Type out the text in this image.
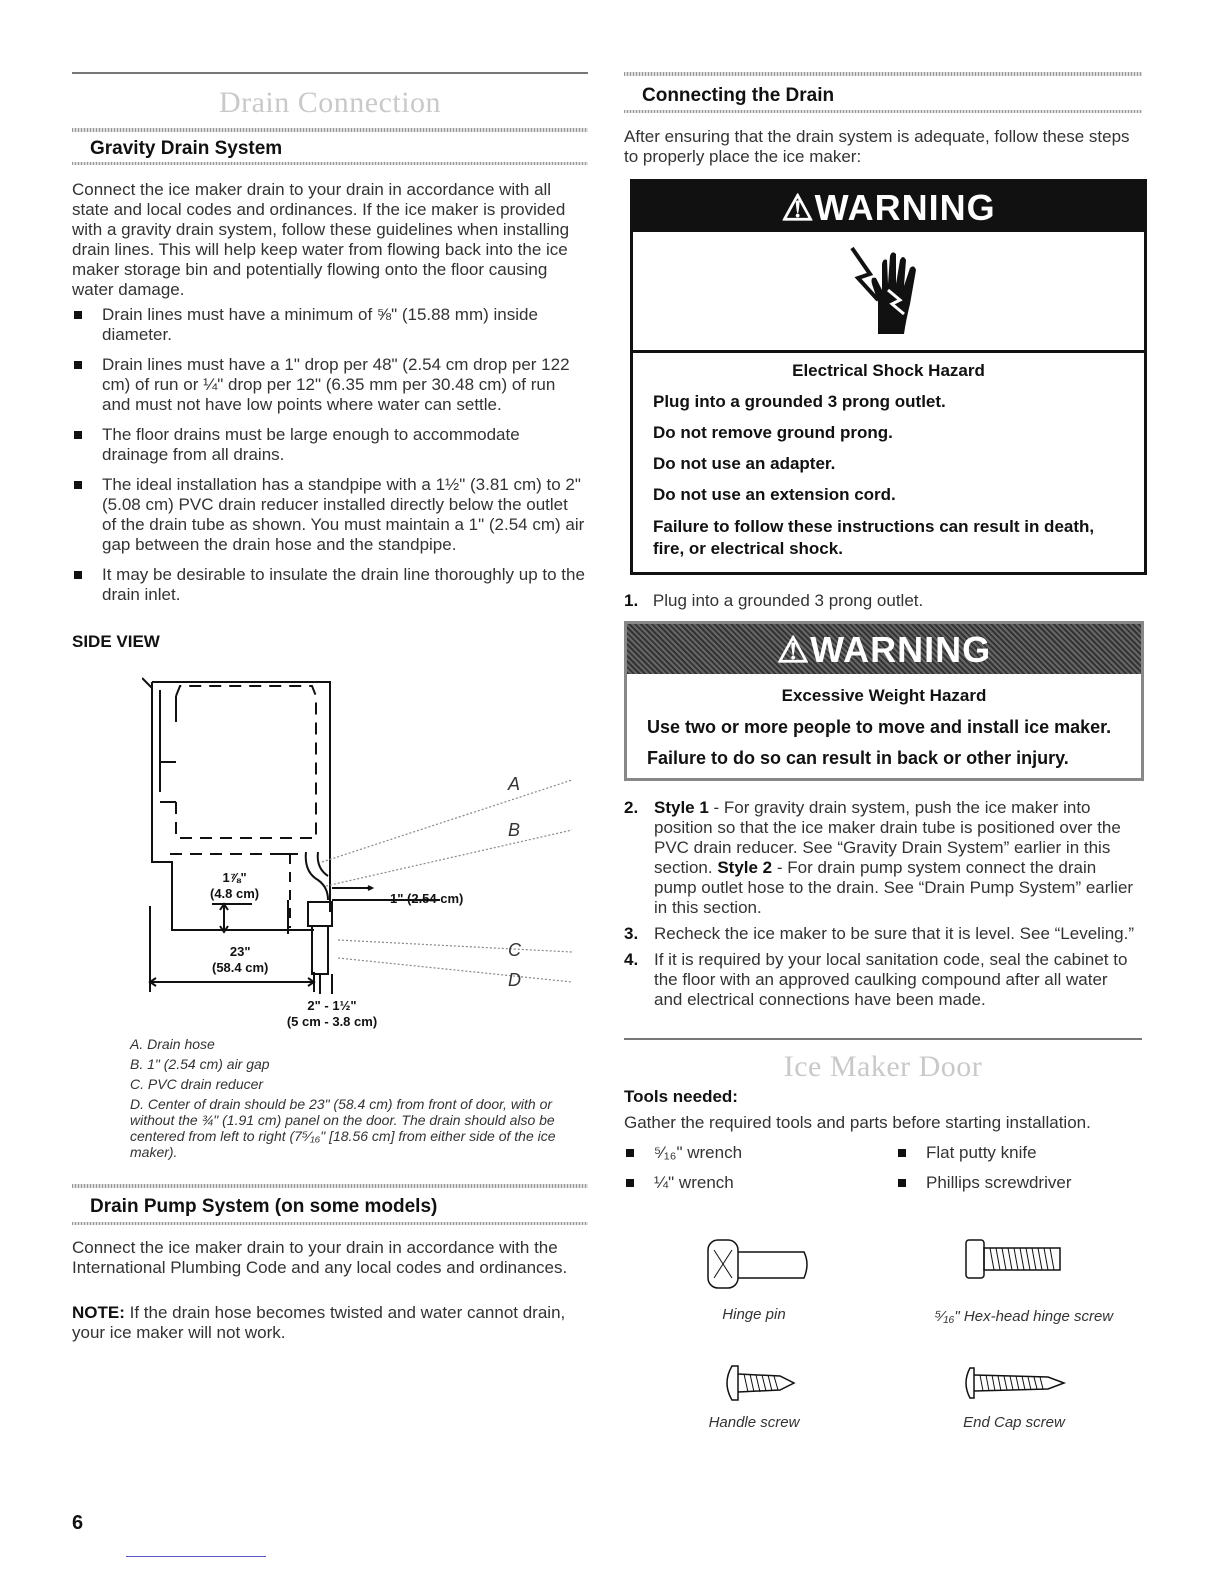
Drain Connection
Gravity Drain System
Connect the ice maker drain to your drain in accordance with all state and local codes and ordinances. If the ice maker is provided with a gravity drain system, follow these guidelines when installing drain lines. This will help keep water from flowing back into the ice maker storage bin and potentially flowing onto the floor causing water damage.
Drain lines must have a minimum of ⅝" (15.88 mm) inside diameter.
Drain lines must have a 1" drop per 48" (2.54 cm drop per 122 cm) of run or ¼" drop per 12" (6.35 mm per 30.48 cm) of run and must not have low points where water can settle.
The floor drains must be large enough to accommodate drainage from all drains.
The ideal installation has a standpipe with a 1½" (3.81 cm) to 2" (5.08 cm) PVC drain reducer installed directly below the outlet of the drain tube as shown. You must maintain a 1" (2.54 cm) air gap between the drain hose and the standpipe.
It may be desirable to insulate the drain line thoroughly up to the drain inlet.
SIDE VIEW
A
B
C
D
1⅞"
(4.8 cm)	1" (2.54 cm)
23"
(58.4 cm)
2" - 1½"
(5 cm - 3.8 cm)
A. Drain hose
B. 1" (2.54 cm) air gap
C. PVC drain reducer
D. Center of drain should be 23" (58.4 cm) from front of door, with or without the ¾" (1.91 cm) panel on the door. The drain should also be centered from left to right (7⁵⁄₁₆" [18.56 cm] from either side of the ice maker).
Drain Pump System (on some models)
Connect the ice maker drain to your drain in accordance with the International Plumbing Code and any local codes and ordinances.
NOTE: If the drain hose becomes twisted and water cannot drain, your ice maker will not work.
6
Connecting the Drain
After ensuring that the drain system is adequate, follow these steps to properly place the ice maker:
⚠WARNING
Electrical Shock Hazard
Plug into a grounded 3 prong outlet.
Do not remove ground prong.
Do not use an adapter.
Do not use an extension cord.
Failure to follow these instructions can result in death, fire, or electrical shock.
1. Plug into a grounded 3 prong outlet.
⚠WARNING
Excessive Weight Hazard
Use two or more people to move and install ice maker.
Failure to do so can result in back or other injury.
2. Style 1 - For gravity drain system, push the ice maker into position so that the ice maker drain tube is positioned over the PVC drain reducer. See “Gravity Drain System” earlier in this section. Style 2 - For drain pump system connect the drain pump outlet hose to the drain. See “Drain Pump System” earlier in this section.
3. Recheck the ice maker to be sure that it is level. See “Leveling.”
4. If it is required by your local sanitation code, seal the cabinet to the floor with an approved caulking compound after all water and electrical connections have been made.
Ice Maker Door
Tools needed:
Gather the required tools and parts before starting installation.
⁵⁄₁₆" wrench
¼" wrench
Flat putty knife
Phillips screwdriver
Hinge pin	⁵⁄₁₆" Hex-head hinge screw
Handle screw	End Cap screw
